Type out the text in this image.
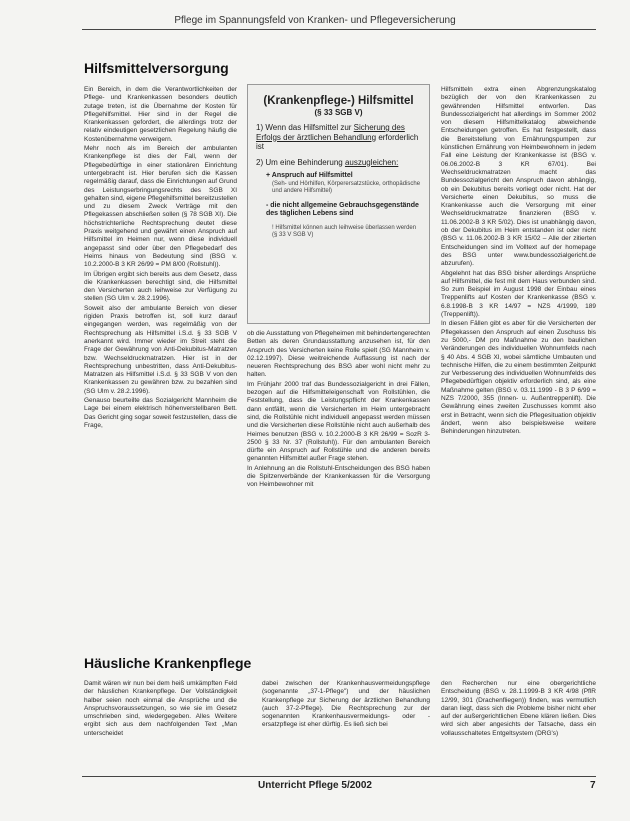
Pflege im Spannungsfeld von Kranken- und Pflegeversicherung
Hilfsmittelversorgung

Ein Bereich, in dem die Verantwortlichkeiten der Pflege- und Krankenkassen besonders deutlich zutage treten, ist die Übernahme der Kosten für Pflegehilfsmittel. Hier sind in der Regel die Krankenkassen gefordert, die allerdings trotz der relativ eindeutigen gesetzlichen Regelung häufig die Kostenübernahme verweigern.

Mehr noch als im Bereich der ambulanten Krankenpflege ist dies der Fall, wenn der Pflegebedürftige in einer stationären Einrichtung untergebracht ist. Hier berufen sich die Kassen regelmäßig darauf, dass die Einrichtungen auf Grund des Leistungserbringungsrechts des SGB XI gehalten sind, eigene Pflegehilfsmittel bereitzustellen und zu diesem Zweck Verträge mit den Pflegekassen abschließen sollen (§ 78 SGB XI). Die höchstrichterliche Rechtsprechung deutet diese Praxis weitgehend und gewährt einen Anspruch auf Hilfsmittel im Heimen nur, wenn diese individuell angepasst sind oder über den Pflegebedarf des Heims hinaus von Bedeutung sind (BSG v. 10.2.2000-B 3 KR 26/99 = PM 8/00 (Rollstuhl)).

Im Übrigen ergibt sich bereits aus dem Gesetz, dass die Krankenkassen berechtigt sind, die Hilfsmittel den Versicherten auch leihweise zur Verfügung zu stellen (SG Ulm v. 28.2.1996).

Soweit also der ambulante Bereich von dieser rigiden Praxis betroffen ist, soll kurz darauf eingegangen werden, was regelmäßig von der Rechtsprechung als Hilfsmittel i.S.d. § 33 SGB V anerkannt wird. Immer wieder im Streit steht die Frage der Gewährung von Anti-Dekubitus-Matratzen bzw. Wechseldruckmatratzen. Hier ist in der Rechtsprechung unbestritten, dass Anti-Dekubitus-Matratzen als Hilfsmittel i.S.d. § 33 SGB V von den Krankenkassen zu gewähren bzw. zu bezahlen sind (SG Ulm v. 28.2.1996).

Genauso beurteilte das Sozialgericht Mannheim die Lage bei einem elektrisch höhenverstellbaren Bett. Das Gericht ging sogar soweit festzustellen, dass die Frage,

(Krankenpflege-) Hilfsmittel
(§ 33 SGB V)
1) Wenn das Hilfsmittel zur Sicherung des Erfolgs der ärztlichen Behandlung erforderlich ist
2) Um eine Behinderung auszugleichen:
+ Anspruch auf Hilfsmittel
(Seh- und Hörhilfen, Körperersatzstücke, orthopädische und andere Hilfsmittel)
- die nicht allgemeine Gebrauchsgegenstände des täglichen Lebens sind
! Hilfsmittel können auch leihweise überlassen werden (§ 33 V SGB V)

ob die Ausstattung von Pflegeheimen mit behindertengerechten Betten als deren Grundausstattung anzusehen ist, für den Anspruch des Versicherten keine Rolle spielt (SG Mannheim v. 02.12.1997). Diese weitreichende Auffassung ist nach der neueren Rechtsprechung des BSG aber wohl nicht mehr zu halten.

Im Frühjahr 2000 traf das Bundessozialgericht in drei Fällen, bezogen auf die Hilfsmitteleigenschaft von Rollstühlen, die Feststellung, dass die Leistungspflicht der Krankenkassen dann entfällt, wenn die Versicherten im Heim untergebracht sind, die Rollstühle nicht individuell angepasst werden müssen und die Versicherten diese Rollstühle nicht auch außerhalb des Heimes benutzen (BSG v. 10.2.2000-B 3 KR 26/99 = SozR 3-2500 § 33 Nr. 37 (Rollstuhl)). Für den ambulanten Bereich dürfte ein Anspruch auf Rollstühle und die anderen bereits genannten Hilfsmittel außer Frage stehen.

In Anlehnung an die Rollstuhl-Entscheidungen des BSG haben die Spitzenverbände der Krankenkassen für die Versorgung von Heimbewohner mit

Hilfsmitteln extra einen Abgrenzungskatalog bezüglich der von den Krankenkassen zu gewährenden Hilfsmittel entworfen. Das Bundessozialgericht hat allerdings im Sommer 2002 von diesem Hilfsmittelkatalog abweichende Entscheidungen getroffen. Es hat festgestellt, dass die Bereitstellung von Ernährungspumpen zur künstlichen Ernährung von Heimbewohnern in jedem Fall eine Leistung der Krankenkasse ist (BSG v. 06.06.2002-B 3 KR 67/01). Bei Wechseldruckmatratzen macht das Bundessozialgericht den Anspruch davon abhängig, ob ein Dekubitus bereits vorliegt oder nicht. Hat der Versicherte einen Dekubitus, so muss die Krankenkasse auch die Versorgung mit einer Wechseldruckmatratze finanzieren (BSG v. 11.06.2002-B 3 KR 5/02). Dies ist unabhängig davon, ob der Dekubitus im Heim entstanden ist oder nicht (BSG v. 11.06.2002-B 3 KR 15/02 – Alle der zitierten Entscheidungen sind im Volltext auf der homepage des BSG unter www.bundessozialgericht.de abzurufen).

Abgelehnt hat das BSG bisher allerdings Ansprüche auf Hilfsmittel, die fest mit dem Haus verbunden sind. So zum Beispiel im August 1998 der Einbau eines Treppenlifts auf Kosten der Krankenkasse (BSG v. 6.8.1998-B 3 KR 14/97 = NZS 4/1999, 189 (Treppenlift)).

In diesen Fällen gibt es aber für die Versicherten der Pflegekassen den Anspruch auf einen Zuschuss bis zu 5000,- DM pro Maßnahme zu den baulichen Veränderungen des individuellen Wohnumfelds nach § 40 Abs. 4 SGB XI, wobei sämtliche Umbauten und technische Hilfen, die zu einem bestimmten Zeitpunkt zur Verbesserung des individuellen Wohnumfelds des Pflegebedürftigen objektiv erforderlich sind, als eine Maßnahme gelten (BSG v. 03.11.1999 - B 3 P 6/99 = NZS 7/2000, 355 (Innen- u. Außentreppenlift). Die Gewährung eines zweiten Zuschusses kommt also erst in Betracht, wenn sich die Pflegesituation objektiv ändert, wenn also beispielsweise weitere Behinderungen hinzutreten.

Häusliche Krankenpflege
Damit wären wir nun bei dem heiß umkämpften Feld der häuslichen Krankenpflege. Der Vollständigkeit halber seien noch einmal die Ansprüche und die Anspruchsvoraussetzungen, so wie sie im Gesetz umschrieben sind, wiedergegeben. Alles Weitere ergibt sich aus dem nachfolgenden Text „Man unterscheidet
dabei zwischen der Krankenhausvermeidungspflege (sogenannte „37-1-Pflege") und der häuslichen Krankenpflege zur Sicherung der ärztlichen Behandlung (auch 37-2-Pflege). Die Rechtsprechung zur der sogenannten Krankenhausvermeidungs- oder -ersatzpflege ist eher dürftig. Es ließ sich bei
den Recherchen nur eine obergerichtliche Entscheidung (BSG v. 28.1.1999-B 3 KR 4/98 (PflR 12/99, 301 (Drachenfliegen)) finden, was vermutlich daran liegt, dass sich die Probleme bisher nicht eher auf der außergerichtlichen Ebene klären ließen. Dies wird sich aber angesichts der Tatsache, dass ein vollausschaltetes Entgeltsystem (DRG's)
Unterricht Pflege 5/2002	7
